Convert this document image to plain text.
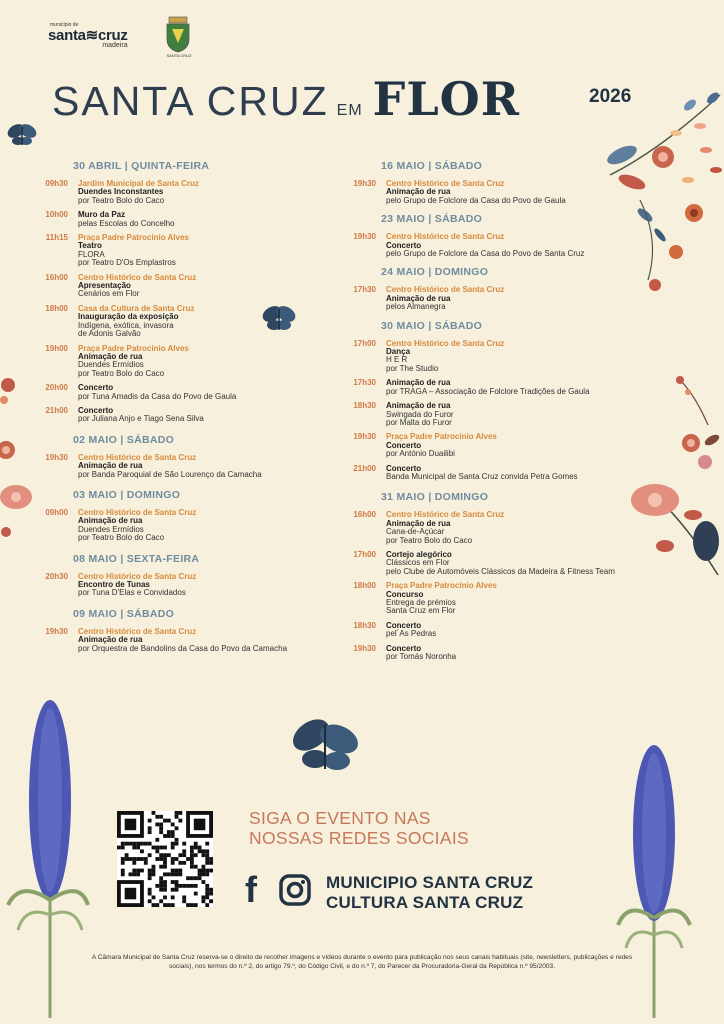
município de
santa≋cruz
madeira
SANTA CRUZ
SANTA CRUZ EM FLOR	2026
30 ABRIL | QUINTA-FEIRA
09h30 Jardim Municipal de Santa Cruz
Duendes Inconstantes
por Teatro Bolo do Caco
10h00 Muro da Paz
pelas Escolas do Concelho
11h15 Praça Padre Patrocínio Alves
Teatro
FLORA
por Teatro D'Os Emplastros
16h00 Centro Histórico de Santa Cruz
Apresentação
Cenários em Flor
18h00 Casa da Cultura de Santa Cruz
Inauguração da exposição
Indígena, exótica, invasora
de Adonis Galvão
19h00 Praça Padre Patrocínio Alves
Animação de rua
Duendes Ermídios
por Teatro Bolo do Caco
20h00 Concerto
por Tuna Amadis da Casa do Povo de Gaula
21h00 Concerto
por Juliana Anjo e Tiago Sena Silva
02 MAIO | SÁBADO
19h30 Centro Histórico de Santa Cruz
Animação de rua
por Banda Paroquial de São Lourenço da Camacha
03 MAIO | DOMINGO
09h00 Centro Histórico de Santa Cruz
Animação de rua
Duendes Ermídios
por Teatro Bolo do Caco
08 MAIO | SEXTA-FEIRA
20h30 Centro Histórico de Santa Cruz
Encontro de Tunas
por Tuna D'Elas e Convidados
09 MAIO | SÁBADO
19h30 Centro Histórico de Santa Cruz
Animação de rua
por Orquestra de Bandolins da Casa do Povo da Camacha
16 MAIO | SÁBADO
19h30 Centro Histórico de Santa Cruz
Animação de rua
pelo Grupo de Folclore da Casa do Povo de Gaula
23 MAIO | SÁBADO
19h30 Centro Histórico de Santa Cruz
Concerto
pelo Grupo de Folclore da Casa do Povo de Santa Cruz
24 MAIO | DOMINGO
17h30 Centro Histórico de Santa Cruz
Animação de rua
pelos Almanegra
30 MAIO | SÁBADO
17h00 Centro Histórico de Santa Cruz
Dança
H E R
por The Studio
17h30 Animação de rua
por TRAGA – Associação de Folclore Tradições de Gaula
18h30 Animação de rua
Swingada do Furor
por Malta do Furor
19h30 Praça Padre Patrocínio Alves
Concerto
por António Duailibi
21h00 Concerto
Banda Municipal de Santa Cruz convida Petra Gomes
31 MAIO | DOMINGO
16h00 Centro Histórico de Santa Cruz
Animação de rua
Cana-de-Açúcar
por Teatro Bolo do Caco
17h00 Cortejo alegórico
Clássicos em Flor
pelo Clube de Automóveis Clássicos da Madeira & Fitness Team
18h00 Praça Padre Patrocínio Alves
Concurso
Entrega de prémios
Santa Cruz em Flor
18h30 Concerto
pel´As Pedras
19h30 Concerto
por Tomás Noronha
SIGA O EVENTO NAS
NOSSAS REDES SOCIAIS
f	MUNICIPIO SANTA CRUZ
CULTURA SANTA CRUZ
A Câmara Municipal de Santa Cruz reserva-se o direito de recolher imagens e vídeos durante o evento para publicação nos seus canais habituais (site, newsletters, publicações e redes sociais), nos termos do n.º 2, do artigo 79.º, do Código Civil, e do n.º 7, do Parecer da Procuradoria-Geral da República n.º 95/2003.
